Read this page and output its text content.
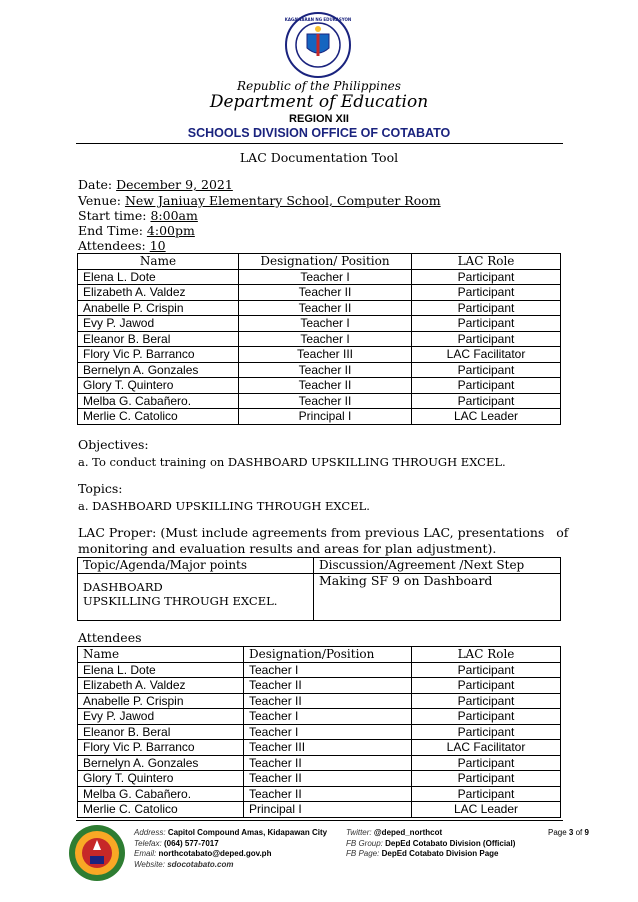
KAGAWARAN NG EDUKASYON
Republic of the Philippines
Department of Education
REGION XII
SCHOOLS DIVISION OFFICE OF COTABATO
LAC Documentation Tool
Date: December 9, 2021
Venue: New Janiuay Elementary School, Computer Room
Start time: 8:00am
End Time: 4:00pm
Attendees: 10
Name	Designation/ Position	LAC Role
Elena L. Dote	Teacher I	Participant
Elizabeth A. Valdez	Teacher II	Participant
Anabelle P. Crispin	Teacher II	Participant
Evy P. Jawod	Teacher I	Participant
Eleanor B. Beral	Teacher I	Participant
Flory Vic P. Barranco	Teacher III	LAC Facilitator
Bernelyn A. Gonzales	Teacher II	Participant
Glory T. Quintero	Teacher II	Participant
Melba G. Cabañero.	Teacher II	Participant
Merlie C. Catolico	Principal I	LAC Leader
Objectives:
a. To conduct training on DASHBOARD UPSKILLING THROUGH EXCEL.
Topics:
a. DASHBOARD UPSKILLING THROUGH EXCEL.
LAC Proper: (Must include agreements from previous LAC, presentations   of
monitoring and evaluation results and areas for plan adjustment).
Topic/Agenda/Major points	Discussion/Agreement /Next Step

DASHBOARD
UPSKILLING THROUGH EXCEL.	Making SF 9 on Dashboard
Attendees
Name	Designation/Position	LAC Role
Elena L. Dote	Teacher I	Participant
Elizabeth A. Valdez	Teacher II	Participant
Anabelle P. Crispin	Teacher II	Participant
Evy P. Jawod	Teacher I	Participant
Eleanor B. Beral	Teacher I	Participant
Flory Vic P. Barranco	Teacher III	LAC Facilitator
Bernelyn A. Gonzales	Teacher II	Participant
Glory T. Quintero	Teacher II	Participant
Melba G. Cabañero.	Teacher II	Participant
Merlie C. Catolico	Principal I	LAC Leader
Address: Capitol Compound Amas, Kidapawan City
Telefax: (064) 577-7017
Email: northcotabato@deped.gov.ph
Website: sdocotabato.com
Twitter: @deped_northcot
FB Group: DepEd Cotabato Division (Official)
FB Page: DepEd Cotabato Division Page
Page 3 of 9
